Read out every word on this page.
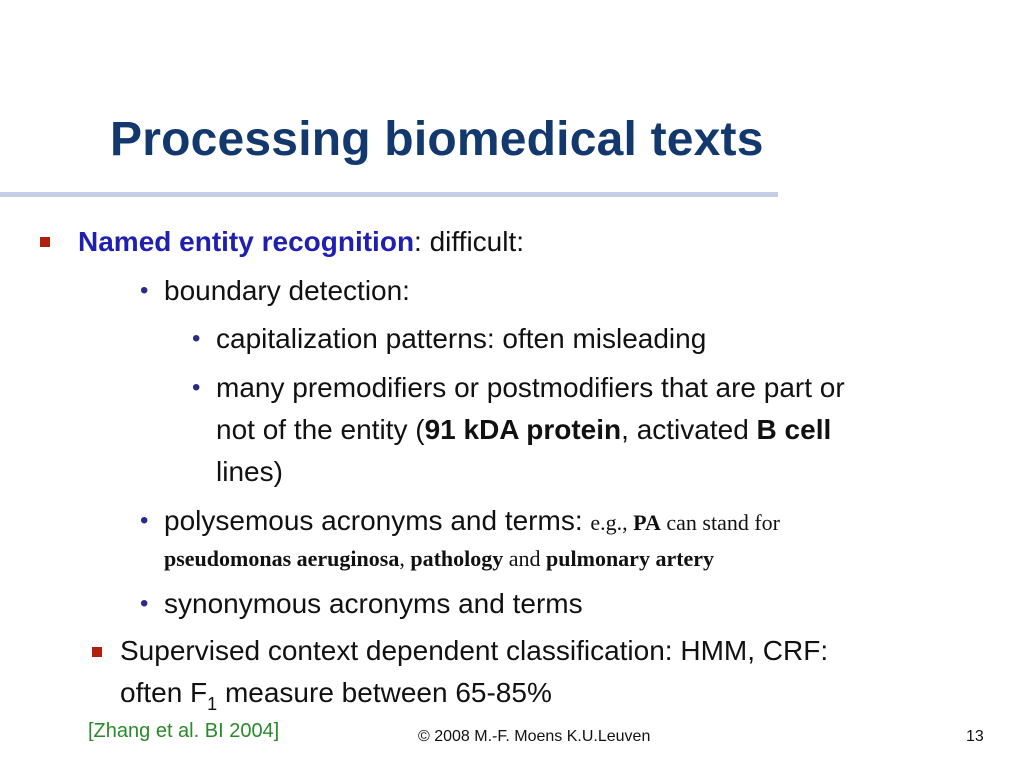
Processing biomedical texts
Named entity recognition: difficult:
• boundary detection:
• capitalization patterns: often misleading
• many premodifiers or postmodifiers that are part or
not of the entity (91 kDA protein, activated B cell
lines)
• polysemous acronyms and terms: e.g., PA can stand for
pseudomonas aeruginosa, pathology and pulmonary artery
• synonymous acronyms and terms
Supervised context dependent classification: HMM, CRF:
often $F_1$ measure between 65-85%
[Zhang et al. BI 2004]	© 2008 M.-F. Moens K.U.Leuven	13
